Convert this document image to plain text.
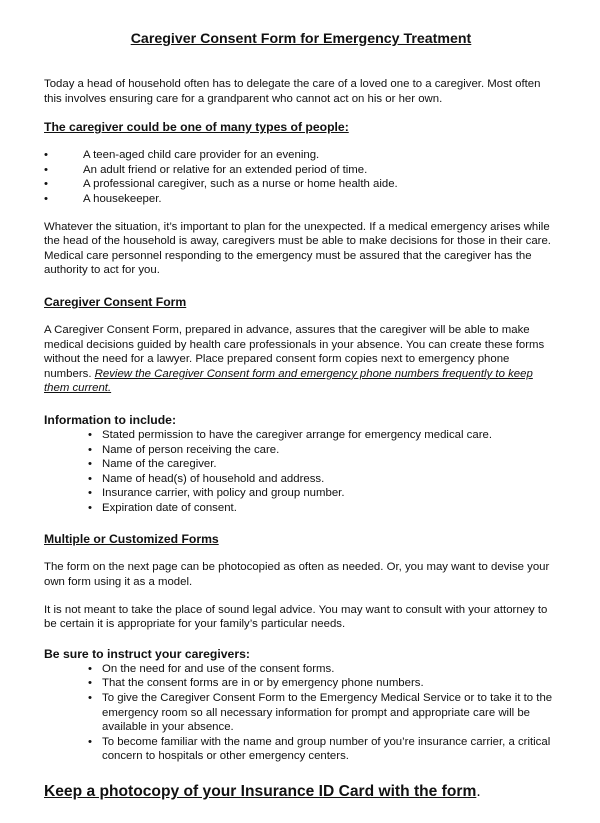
Caregiver Consent Form for Emergency Treatment

Today a head of household often has to delegate the care of a loved one to a caregiver. Most often this involves ensuring care for a grandparent who cannot act on his or her own.

The caregiver could be one of many types of people:
• A teen-aged child care provider for an evening.
• An adult friend or relative for an extended period of time.
• A professional caregiver, such as a nurse or home health aide.
• A housekeeper.

Whatever the situation, it’s important to plan for the unexpected. If a medical emergency arises while the head of the household is away, caregivers must be able to make decisions for those in their care. Medical care personnel responding to the emergency must be assured that the caregiver has the authority to act for you.

Caregiver Consent Form

A Caregiver Consent Form, prepared in advance, assures that the caregiver will be able to make medical decisions guided by health care professionals in your absence. You can create these forms without the need for a lawyer. Place prepared consent form copies next to emergency phone numbers. Review the Caregiver Consent form and emergency phone numbers frequently to keep them current.

Information to include:
• Stated permission to have the caregiver arrange for emergency medical care.
• Name of person receiving the care.
• Name of the caregiver.
• Name of head(s) of household and address.
• Insurance carrier, with policy and group number.
• Expiration date of consent.
Multiple or Customized Forms

The form on the next page can be photocopied as often as needed. Or, you may want to devise your own form using it as a model.

It is not meant to take the place of sound legal advice. You may want to consult with your attorney to be certain it is appropriate for your family’s particular needs.

Be sure to instruct your caregivers:
• On the need for and use of the consent forms.
• That the consent forms are in or by emergency phone numbers.
• To give the Caregiver Consent Form to the Emergency Medical Service or to take it to the emergency room so all necessary information for prompt and appropriate care will be available in your absence.
• To become familiar with the name and group number of you’re insurance carrier, a critical concern to hospitals or other emergency centers.
Keep a photocopy of your Insurance ID Card with the form.
